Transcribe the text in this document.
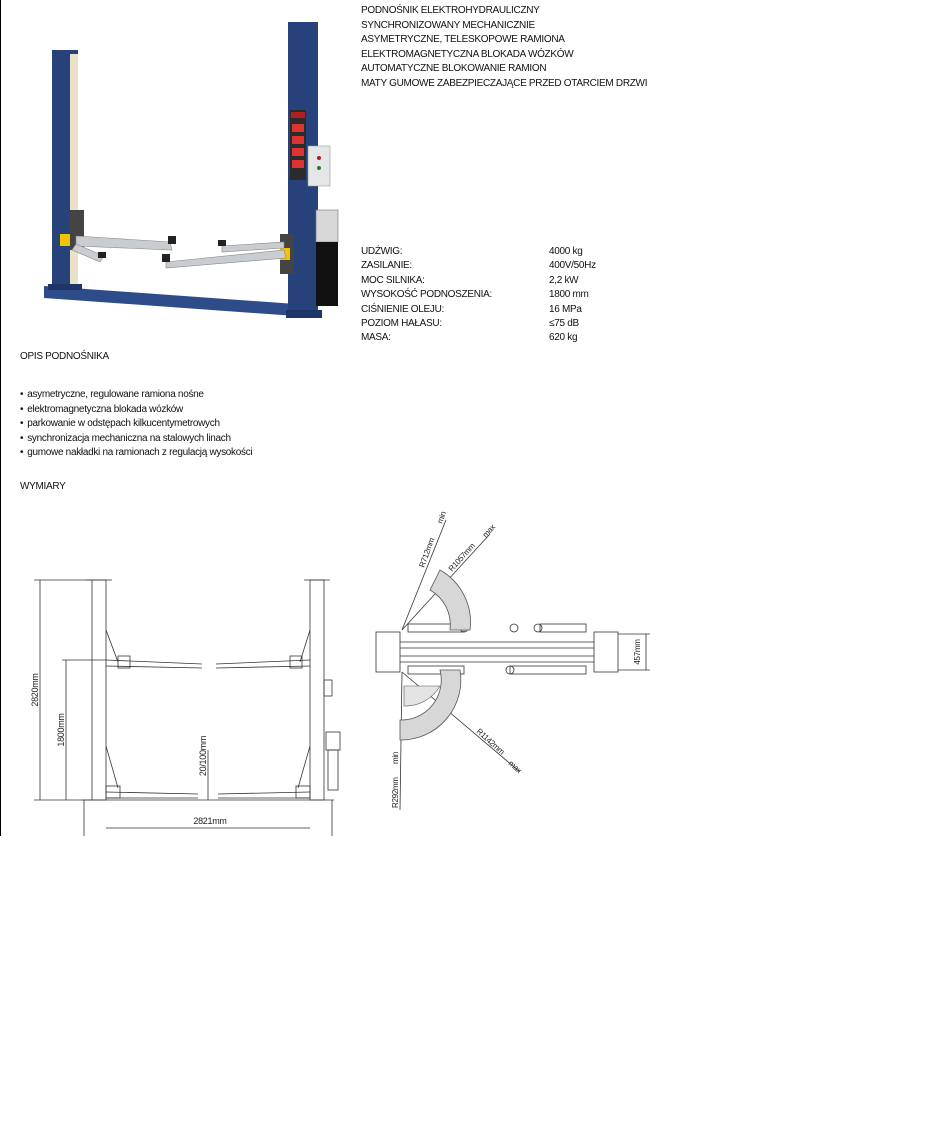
PODNOŚNIK ELEKTROHYDRAULICZNY
SYNCHRONIZOWANY MECHANICZNIE
ASYMETRYCZNE, TELESKOPOWE RAMIONA
ELEKTROMAGNETYCZNA BLOKADA WÓZKÓW
AUTOMATYCZNE BLOKOWANIE RAMION
MATY GUMOWE ZABEZPIECZAJĄCE PRZED OTARCIEM DRZWI
UDŹWIG:	4000 kg
ZASILANIE:	400V/50Hz
MOC SILNIKA:	2,2 kW
WYSOKOŚĆ PODNOSZENIA:	1800 mm
CIŚNIENIE OLEJU:	16 MPa
POZIOM HAŁASU:	≤75 dB
MASA:	620 kg
OPIS PODNOŚNIKA
• asymetryczne, regulowane ramiona nośne
• elektromagnetyczna blokada wózków
• parkowanie w odstępach kilkucentymetrowych
• synchronizacja mechaniczna na stalowych linach
• gumowe nakładki na ramionach z regulacją wysokości
WYMIARY
2820mm
1800mm
20/100mm
2821mm
R712mm
min
R1057mm
max
R1142mm
max
R292mm
min
457mm
